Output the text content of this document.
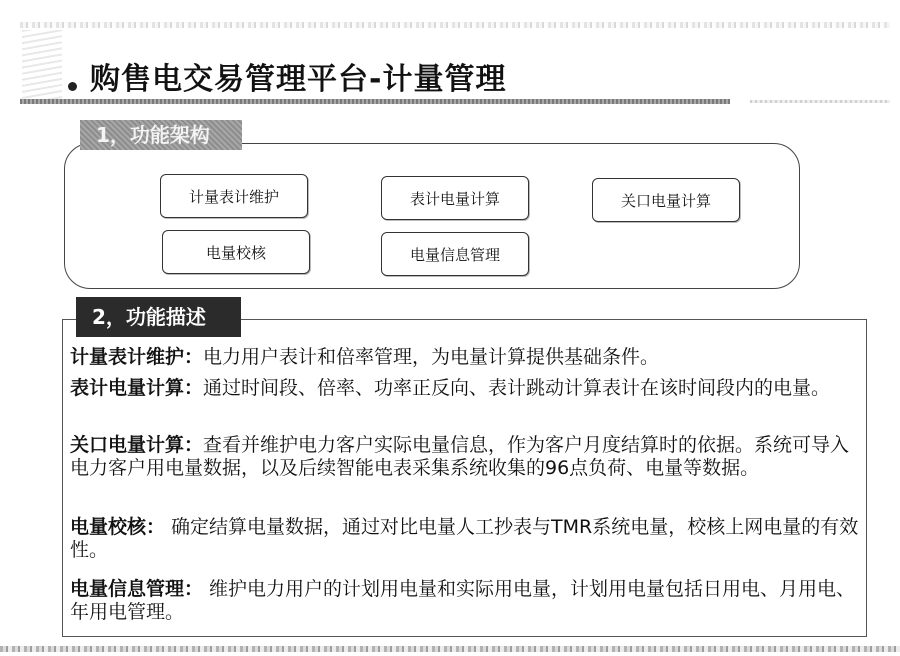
购售电交易管理平台-计量管理
1，功能架构
计量表计维护	表计电量计算	关口电量计算
电量校核	电量信息管理
2，功能描述

计量表计维护：电力用户表计和倍率管理，为电量计算提供基础条件。

表计电量计算：通过时间段、倍率、功率正反向、表计跳动计算表计在该时间段内的电量。

关口电量计算：查看并维护电力客户实际电量信息，作为客户月度结算时的依据。系统可导入电力客户用电量数据，以及后续智能电表采集系统收集的96点负荷、电量等数据。

电量校核： 确定结算电量数据，通过对比电量人工抄表与TMR系统电量，校核上网电量的有效性。

电量信息管理： 维护电力用户的计划用电量和实际用电量，计划用电量包括日用电、月用电、年用电管理。
